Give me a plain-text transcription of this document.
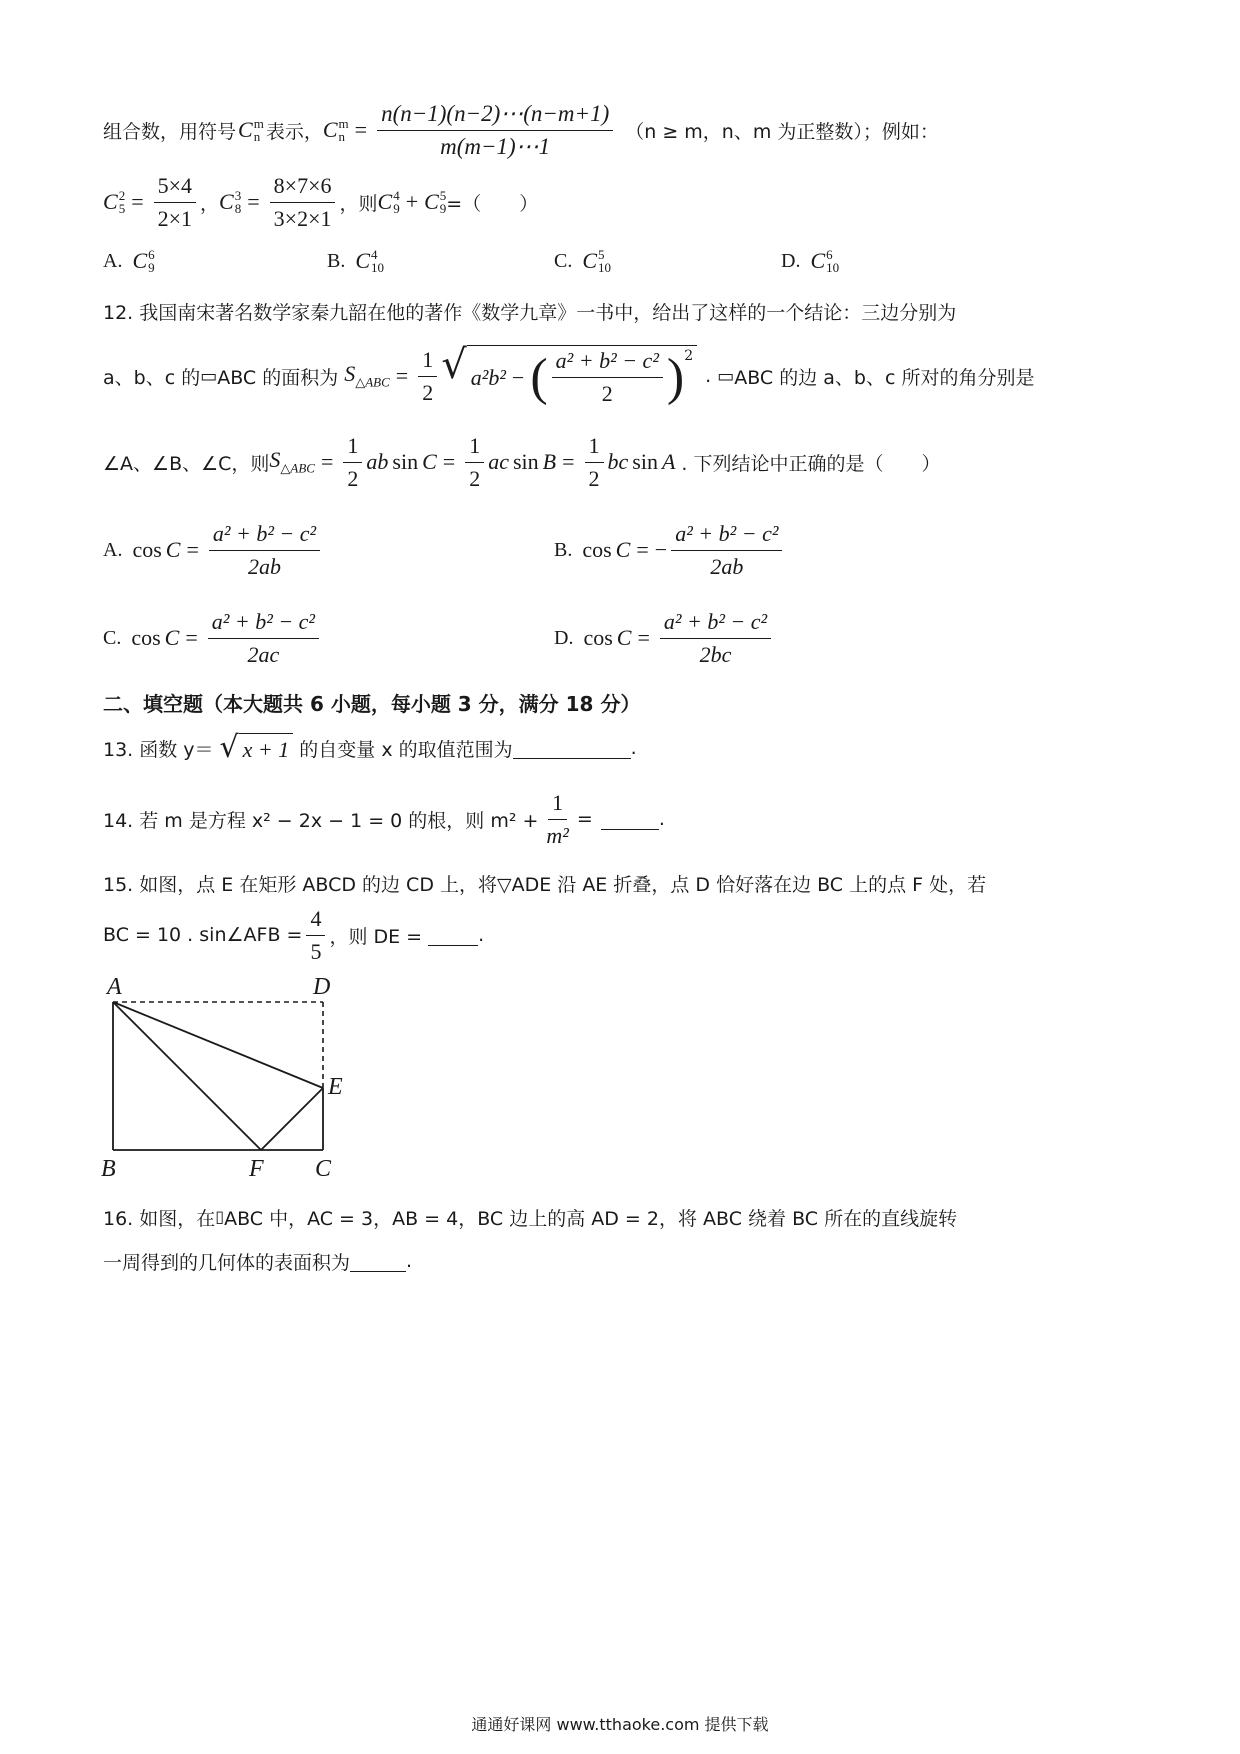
组合数，用符号 C m
n 表示， C m
$n = \frac{n(n-1)(n-2)\cdots(n-m+1)}{m(m-1)\cdots 1} (n \ge m$，n、m 为正整数）；例如：
C 2
$5 = \frac{5\times 4}{2\times 1}$ ， C 3
$8 = \frac{8\times 7\times 6}{3\times 2\times 1}$ ，则 C 4
9 + C 5
9 =（　　）
A. C 6
9	B. C 4
10	C. C 5
10	D. C 6
10
12. 我国南宋著名数学家秦九韶在他的著作《数学九章》一书中，给出了这样的一个结论：三边分别为
a、b、c 的 ▭ ABC 的面积为 $S_{\triangle ABC} = \frac{1}{2}$ √ a²b² − ( $\frac{\text{a² + b² − c²}}{2} )^2$
. ▭ ABC 的边 a、b、c 所对的角分别是
∠A、∠B、∠C，则 $S_{\triangle ABC} = \frac{1}{2}$ ab $\sin C = \frac{1}{2}$ ac $\sin B = \frac{1}{2}$ bc sin A . 下列结论中正确的是（　　）
A. $\cos C = \frac{\text{a² + b² − c²}}{2ab}$	B. cos C = − $\frac{\text{a² + b² − c²}}{2ab}$
C. $\cos C = \frac{\text{a² + b² − c²}}{2ac}$	D. $\cos C = \frac{\text{a² + b² − c²}}{2bc}$
二、填空题（本大题共 6 小题，每小题 3 分，满分 18 分）
13. 函数 y＝ √ x + 1 的自变量 x 的取值范围为	.
14. 若 m 是方程 x² − 2x − 1 = 0 的根，则 $m^2 + \frac{1}{\text{m²}}$ =	.
15. 如图，点 E 在矩形 ABCD 的边 CD 上，将▽ADE 沿 AE 折叠，点 D 恰好落在边 BC 上的点 F 处，若
BC = 10 . sin∠AFB = $\frac{4}{5}$ ，则 DE =	.
A	D
E
B	F C
16. 如图，在 ▯ ABC 中，AC = 3，AB = 4，BC 边上的高 AD = 2，将 ABC 绕着 BC 所在的直线旋转
一周得到的几何体的表面积为	.
通通好课网 www.tthaoke.com 提供下载
